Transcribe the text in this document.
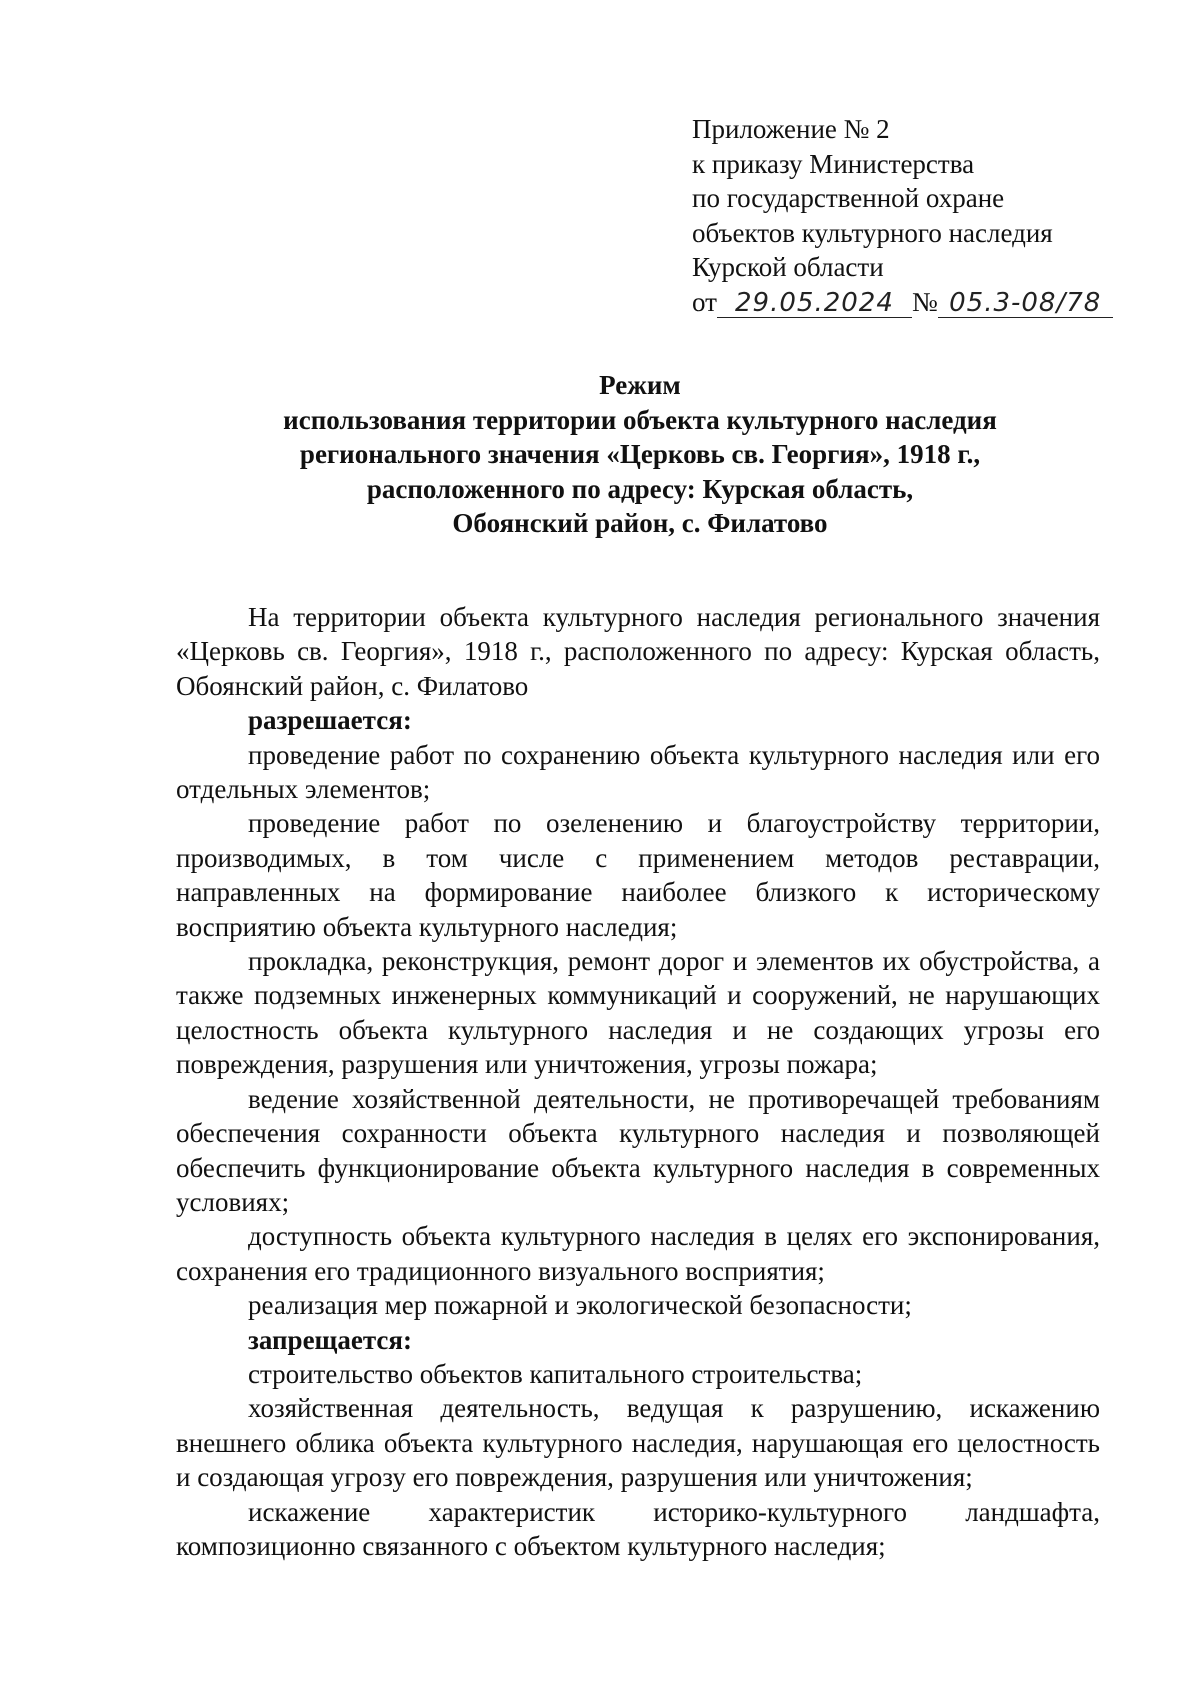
Приложение № 2
к приказу Министерства
по государственной охране
объектов культурного наследия
Курской области
от 29.05.2024 № 05.3-08/78
Режим
использования территории объекта культурного наследия
регионального значения «Церковь св. Георгия», 1918 г.,
расположенного по адресу: Курская область,
Обоянский район, с. Филатово

На территории объекта культурного наследия регионального значения «Церковь св. Георгия», 1918 г., расположенного по адресу: Курская область, Обоянский район, с. Филатово

разрешается:

проведение работ по сохранению объекта культурного наследия или его отдельных элементов;

проведение работ по озеленению и благоустройству территории, производимых, в том числе с применением методов реставрации, направленных на формирование наиболее близкого к историческому восприятию объекта культурного наследия;

прокладка, реконструкция, ремонт дорог и элементов их обустройства, а также подземных инженерных коммуникаций и сооружений, не нарушающих целостность объекта культурного наследия и не создающих угрозы его повреждения, разрушения или уничтожения, угрозы пожара;

ведение хозяйственной деятельности, не противоречащей требованиям обеспечения сохранности объекта культурного наследия и позволяющей обеспечить функционирование объекта культурного наследия в современных условиях;

доступность объекта культурного наследия в целях его экспонирования, сохранения его традиционного визуального восприятия;

реализация мер пожарной и экологической безопасности;

запрещается:

строительство объектов капитального строительства;

хозяйственная деятельность, ведущая к разрушению, искажению внешнего облика объекта культурного наследия, нарушающая его целостность и создающая угрозу его повреждения, разрушения или уничтожения;

искажение характеристик историко-культурного ландшафта, композиционно связанного с объектом культурного наследия;
